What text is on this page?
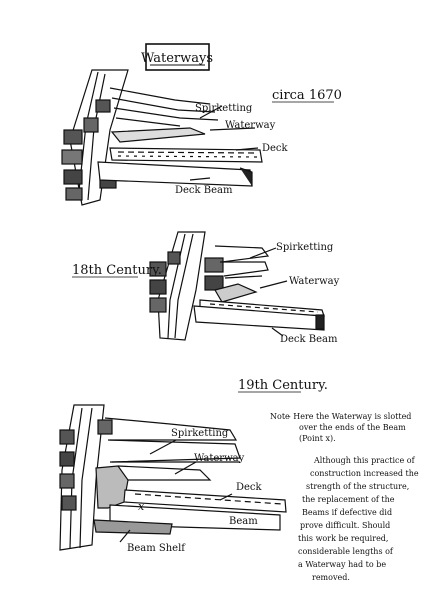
Waterways
circa 1670
Spirketting
Waterway
Deck
Deck Beam
18th Century.
Spirketting
Waterway
Deck Beam
19th Century.
Spirketting
Waterway
Deck
Beam
Beam Shelf
x
Note
- Here the Waterway is slotted
over the ends of the Beam
(Point x).
Although this practice of
construction increased the
strength of the structure,
the replacement of the
Beams if defective did
prove difficult. Should
this work be required,
considerable lengths of
a Waterway had to be
removed.
